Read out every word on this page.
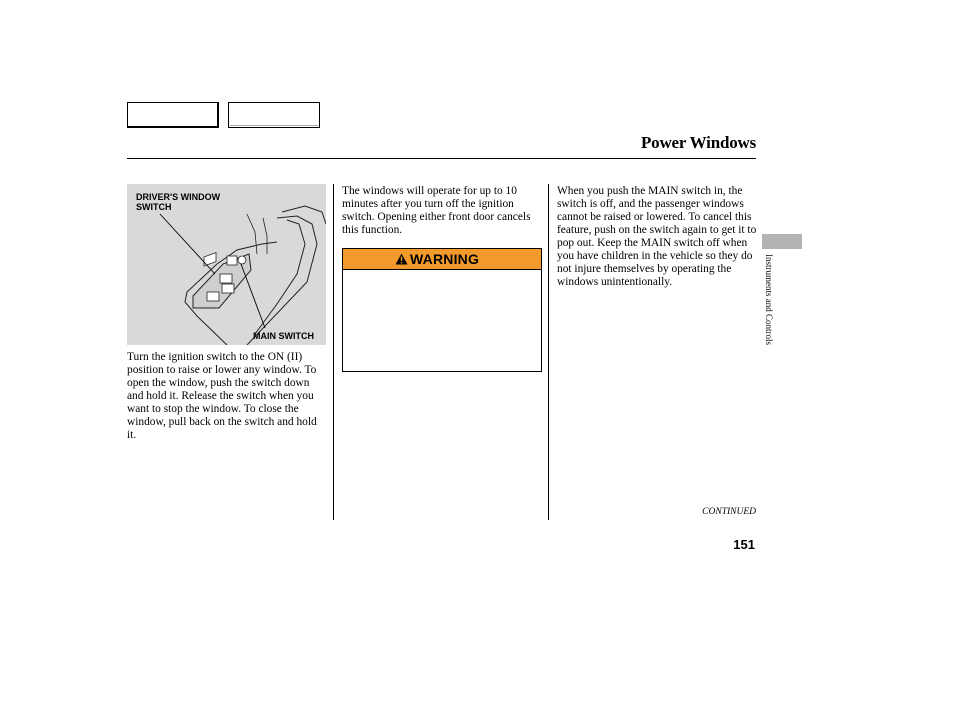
Power Windows
DRIVER'S WINDOW SWITCH
MAIN SWITCH

Turn the ignition switch to the ON (II) position to raise or lower any window. To open the window, push the switch down and hold it. Release the switch when you want to stop the window. To close the window, pull back on the switch and hold it.

The windows will operate for up to 10 minutes after you turn off the ignition switch. Opening either front door cancels this function.

When you push the MAIN switch in, the switch is off, and the passenger windows cannot be raised or lowered. To cancel this feature, push on the switch again to get it to pop out. Keep the MAIN switch off when you have children in the vehicle so they do not injure themselves by operating the windows unintentionally.

WARNING	Instruments and Controls
CONTINUED
151
